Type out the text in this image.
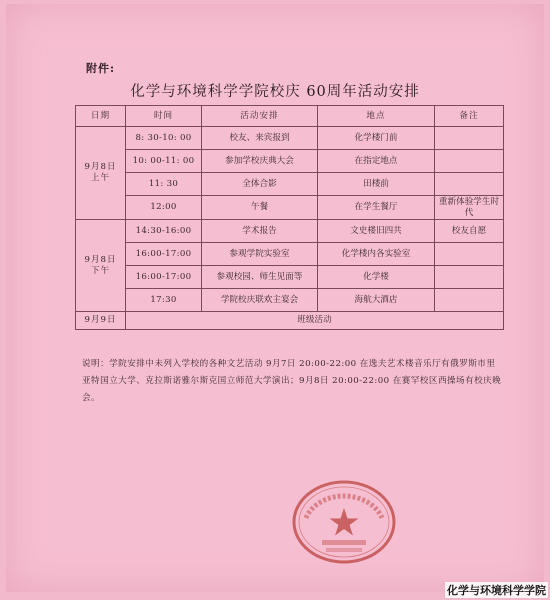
附件:
化学与环境科学学院校庆 60周年活动安排
日期	时间	活动安排	地点	备注

9月8日
上午	8: 30-10: 00	校友、来宾报到	化学楼门前	
	10: 00-11: 00	参加学校庆典大会	在指定地点	
	11: 30	全体合影	田楼前	
	12:00	午餐	在学生餐厅	重新体验学生时代

9月8日
下午	14:30-16:00	学术报告	文史楼旧四共	校友自愿
	16:00-17:00	参观学院实验室	化学楼内各实验室	
	16:00-17:00	参观校园、师生见面等	化学楼	
	17:30	学院校庆联欢主宴会	海航大酒店	
9月9日	班级活动			
说明：学院安排中未列入学校的各种文艺活动 9月7日 20:00-22:00 在逸夫艺术楼音乐厅有俄罗斯市里亚特国立大学、克拉斯诺雅尔斯克国立师范大学演出；9月8日 20:00-22:00 在赛罕校区西操场有校庆晚会。
化学与环境科学学院
